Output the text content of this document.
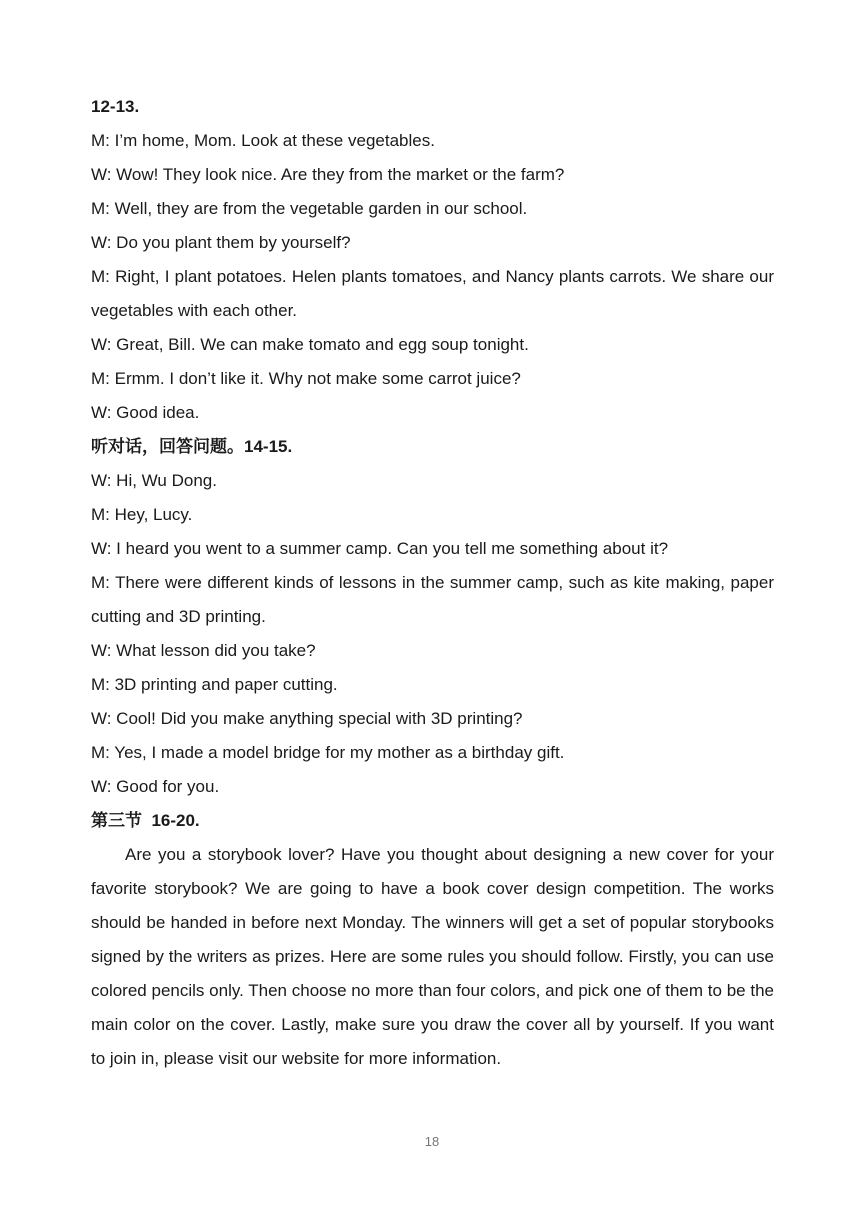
12-13.
M: I’m home, Mom. Look at these vegetables.
W: Wow! They look nice. Are they from the market or the farm?
M: Well, they are from the vegetable garden in our school.
W: Do you plant them by yourself?
M: Right, I plant potatoes. Helen plants tomatoes, and Nancy plants carrots. We share our vegetables with each other.
W: Great, Bill. We can make tomato and egg soup tonight.
M: Ermm. I don’t like it. Why not make some carrot juice?
W: Good idea.
听对话，回答问题。14-15.
W: Hi, Wu Dong.
M: Hey, Lucy.
W: I heard you went to a summer camp. Can you tell me something about it?
M: There were different kinds of lessons in the summer camp, such as kite making, paper cutting and 3D printing.
W: What lesson did you take?
M: 3D printing and paper cutting.
W: Cool! Did you make anything special with 3D printing?
M: Yes, I made a model bridge for my mother as a birthday gift.
W: Good for you.
第三节  16-20.
Are you a storybook lover? Have you thought about designing a new cover for your favorite storybook? We are going to have a book cover design competition. The works should be handed in before next Monday. The winners will get a set of popular storybooks signed by the writers as prizes. Here are some rules you should follow. Firstly, you can use colored pencils only. Then choose no more than four colors, and pick one of them to be the main color on the cover. Lastly, make sure you draw the cover all by yourself. If you want to join in, please visit our website for more information.
18
